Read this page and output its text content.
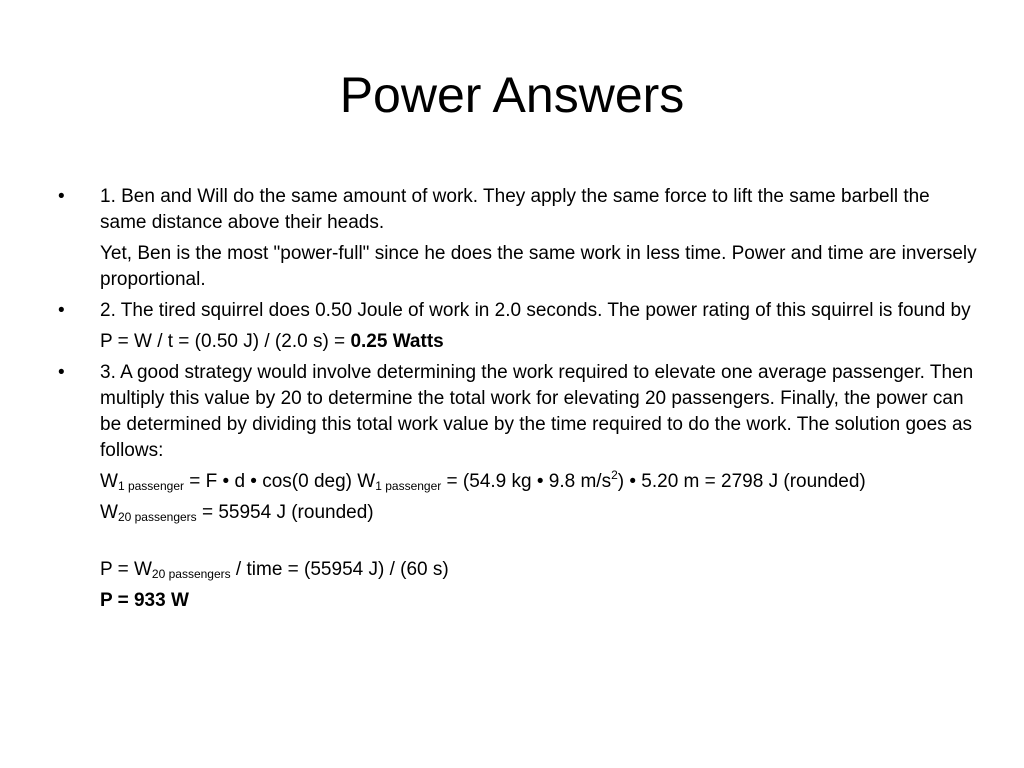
Power Answers
• 1. Ben and Will do the same amount of work. They apply the same force to lift the same barbell the same distance above their heads.
Yet, Ben is the most "power-full" since he does the same work in less time. Power and time are inversely proportional.
• 2. The tired squirrel does 0.50 Joule of work in 2.0 seconds. The power rating of this squirrel is found by
P = W / t = (0.50 J) / (2.0 s) = 0.25 Watts
• 3. A good strategy would involve determining the work required to elevate one average passenger. Then multiply this value by 20 to determine the total work for elevating 20 passengers. Finally, the power can be determined by dividing this total work value by the time required to do the work. The solution goes as follows:
$W_{1 passenger} = F$ • d • cos(0 deg) $W_{1 passenger} = (54.9$ kg • 9.8 $m/s^2$) • 5.20 m = 2798 J (rounded)
$W_{20 passengers} = 55954$ J (rounded)
$P = W_{20 passengers}$ / time = (55954 J) / (60 s)
P = 933 W
